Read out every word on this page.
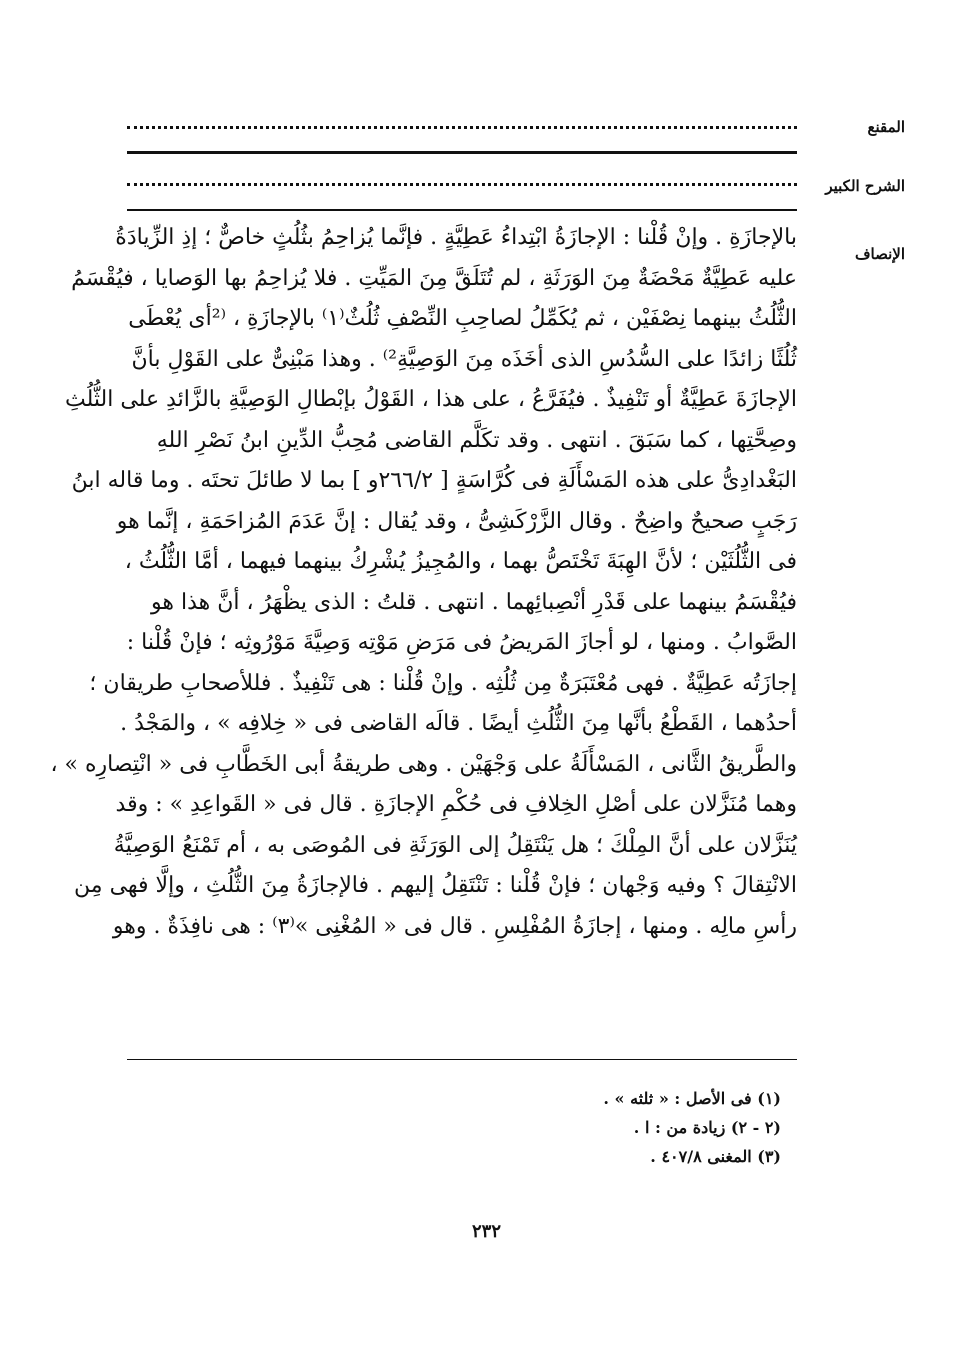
المقنع
الشرح الكبير
الإنصاف
بالإجازَةِ . وإنْ قُلْنا : الإجازَةُ ابْتِداءُ عَطِيَّةٍ . فإنَّما يُزاحِمُ بثُلُثٍ خاصٌّ ؛ إذِ الزِّيادَةُ
عليه عَطِيَّةٌ مَحْضَةٌ مِنَ الوَرَثَةِ ، لم تُتَلَقَّ مِنَ المَيِّتِ . فلا يُزاحِمُ بها الوَصايا ، فيُقْسَمُ
الثُّلُثُ بينهما نِصْفَيْن ، ثم يُكَمِّلُ لصاحِبِ النِّصْفِ ثُلُثٌ⁽١⁾ بالإجازَةِ ، ⁽²أى يُعْطَى
ثُلُثًا زائدًا على السُّدُسِ الذى أخَذَه مِنَ الوَصِيَّةِ²⁾ . وهذا مَبْنِىٌّ على القَوْلِ بأنَّ
الإجازَةَ عَطِيَّةٌ أو تَنْفِيذٌ . فيُفَرَّعُ ، على هذا ، القَوْلُ بإبْطالِ الوَصِيَّةِ بالزَّائدِ على الثُّلُثِ
وصِحَّتِها ، كما سَبَقَ . انتهى . وقد تكَلَّم القاضى مُحِبُّ الدِّينِ ابنُ نَصْرِ اللهِ
البَغْدادِىُّ على هذه المَسْأَلَةِ فى كُرَّاسَةٍ [ ٢٦٦/٢و ] بما لا طائلَ تحتَه . وما قاله ابنُ
رَجَبٍ صحيحٌ واضِحٌ . وقال الزَّرْكَشِىُّ ، وقد يُقال : إنَّ عَدَمَ المُزاحَمَةِ ، إنَّما هو
فى الثُّلُثَيْن ؛ لأنَّ الهِبَةَ تَخْتَصُّ بهما ، والمُجِيزُ يُشْرِكُ بينهما فيهما ، أمَّا الثُّلُثُ ،
فيُقْسَمُ بينهما على قَدْرِ أنْصِبائِهما . انتهى . قلتُ : الذى يظْهَرُ ، أنَّ هذا هو
الصَّوابُ . ومنها ، لو أجازَ المَريضُ فى مَرَضِ مَوْتِه وَصِيَّةَ مَوْرُوثِه ؛ فإنْ قُلْنا :
إجازَتُه عَطِيَّةٌ . فهى مُعْتَبَرَةٌ مِن ثُلُثِه . وإنْ قُلْنا : هى تَنْفِيذٌ . فللأصحابِ طريقان ؛
أحدُهما ، القَطْعُ بأنَّها مِنَ الثُّلُثِ أيضًا . قالَه القاضى فى « خِلافِه » ، والمَجْدُ .
والطَّريقُ الثَّانى ، المَسْأَلَةُ على وَجْهَيْن . وهى طريقةُ أبى الخَطَّابِ فى « انْتِصارِه » ،
وهما مُنَزَّلان على أصْلِ الخِلافِ فى حُكْمِ الإجازَةِ . قال فى « القَواعِدِ » : وقد
يُنَزَّلان على أنَّ المِلْكَ ؛ هل يَنْتَقِلُ إلى الوَرَثَةِ فى المُوصَى به ، أم تَمْنَعُ الوَصِيَّةُ
الانْتِقالَ ؟ وفيه وَجْهان ؛ فإنْ قُلْنا : تَنْتَقِلُ إليهم . فالإجازَةُ مِنَ الثُّلُثِ ، وإلَّا فهى مِن
رأسِ مالِه . ومنها ، إجازَةُ المُفْلِسِ . قال فى « المُغْنِى »⁽٣⁾ : هى نافِذَةٌ . وهو
(١) فى الأصل : « ثلثه » .
(٢ - ٢) زيادة من : ا .
(٣) المغنى ٤٠٧/٨ .
٢٣٢
